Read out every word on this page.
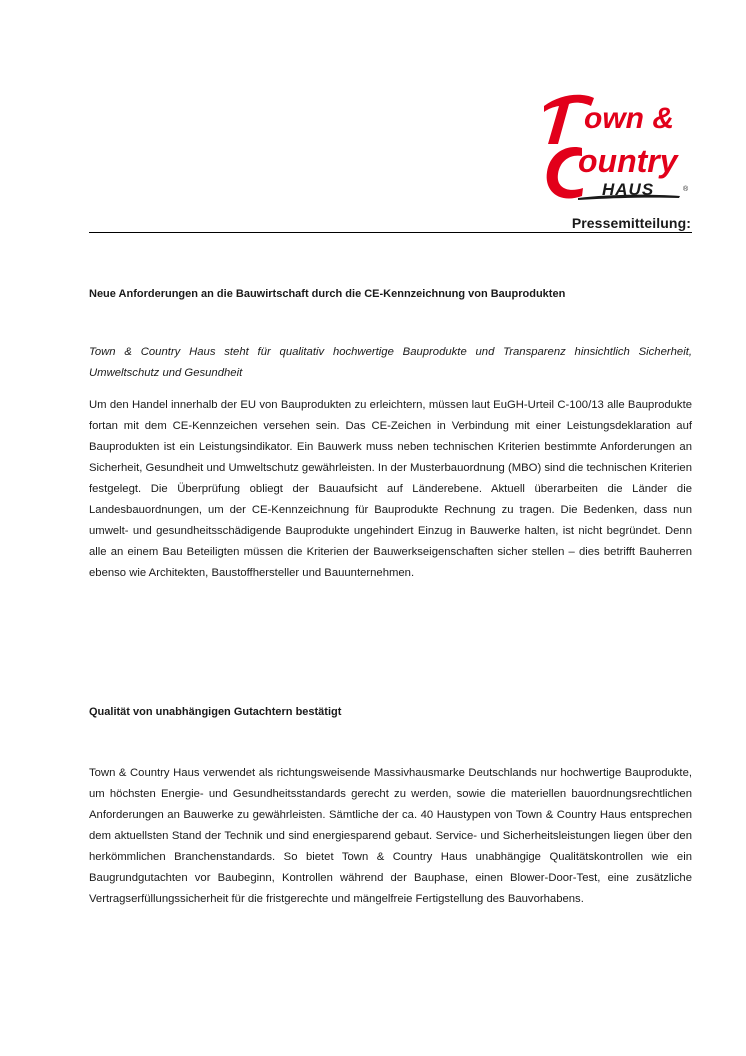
own &
ountry
HAUS	®
Pressemitteilung:
Neue Anforderungen an die Bauwirtschaft durch die CE-Kennzeichnung von Bauprodukten

Town & Country Haus steht für qualitativ hochwertige Bauprodukte und Transparenz hinsichtlich Sicherheit, Umweltschutz und Gesundheit

Um den Handel innerhalb der EU von Bauprodukten zu erleichtern, müssen laut EuGH-Urteil C-100/13 alle Bauprodukte fortan mit dem CE-Kennzeichen versehen sein. Das CE-Zeichen in Verbindung mit einer Leistungsdeklaration auf Bauprodukten ist ein Leistungsindikator. Ein Bauwerk muss neben technischen Kriterien bestimmte Anforderungen an Sicherheit, Gesundheit und Umweltschutz gewährleisten. In der Musterbauordnung (MBO) sind die technischen Kriterien festgelegt. Die Überprüfung obliegt der Bauaufsicht auf Länderebene. Aktuell überarbeiten die Länder die Landesbauordnungen, um der CE-Kennzeichnung für Bauprodukte Rechnung zu tragen. Die Bedenken, dass nun umwelt- und gesundheitsschädigende Bauprodukte ungehindert Einzug in Bauwerke halten, ist nicht begründet. Denn alle an einem Bau Beteiligten müssen die Kriterien der Bauwerkseigenschaften sicher stellen – dies betrifft Bauherren ebenso wie Architekten, Baustoffhersteller und Bauunternehmen.

Qualität von unabhängigen Gutachtern bestätigt

Town & Country Haus verwendet als richtungsweisende Massivhausmarke Deutschlands nur hochwertige Bauprodukte, um höchsten Energie- und Gesundheitsstandards gerecht zu werden, sowie die materiellen bauordnungsrechtlichen Anforderungen an Bauwerke zu gewährleisten. Sämtliche der ca. 40 Haustypen von Town & Country Haus entsprechen dem aktuellsten Stand der Technik und sind energiesparend gebaut. Service- und Sicherheitsleistungen liegen über den herkömmlichen Branchenstandards. So bietet Town & Country Haus unabhängige Qualitätskontrollen wie ein Baugrundgutachten vor Baubeginn, Kontrollen während der Bauphase, einen Blower-Door-Test, eine zusätzliche Vertragserfüllungssicherheit für die fristgerechte und mängelfreie Fertigstellung des Bauvorhabens.
